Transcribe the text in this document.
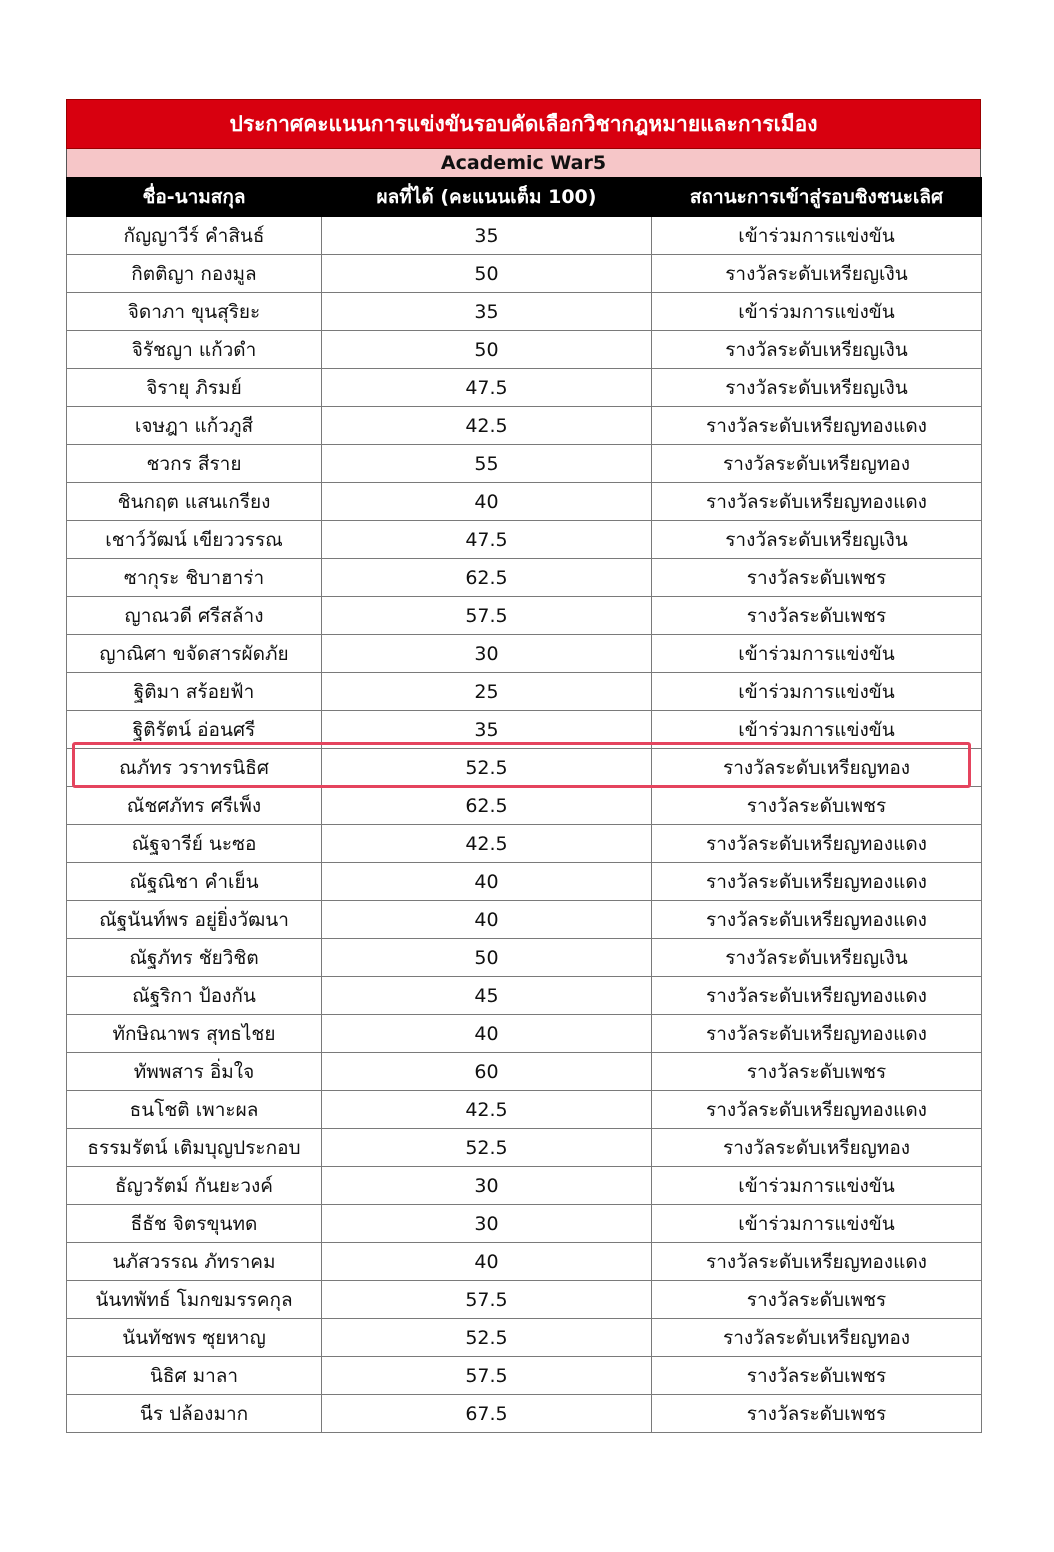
ประกาศคะแนนการแข่งขันรอบคัดเลือกวิชากฎหมายและการเมือง
Academic War5
ชื่อ-นามสกุล	ผลที่ได้ (คะแนนเต็ม 100)	สถานะการเข้าสู่รอบชิงชนะเลิศ
กัญญาวีร์ คำสินธ์	35	เข้าร่วมการแข่งขัน
กิตติญา กองมูล	50	รางวัลระดับเหรียญเงิน
จิดาภา ขุนสุริยะ	35	เข้าร่วมการแข่งขัน
จิรัชญา แก้วดำ	50	รางวัลระดับเหรียญเงิน
จิรายุ ภิรมย์	47.5	รางวัลระดับเหรียญเงิน
เจษฎา แก้วภูสี	42.5	รางวัลระดับเหรียญทองแดง
ชวกร สีราย	55	รางวัลระดับเหรียญทอง
ชินกฤต แสนเกรียง	40	รางวัลระดับเหรียญทองแดง
เชาว์วัฒน์ เขียววรรณ	47.5	รางวัลระดับเหรียญเงิน
ซากุระ ชิบาฮาร่า	62.5	รางวัลระดับเพชร
ญาณวดี ศรีสล้าง	57.5	รางวัลระดับเพชร
ญาณิศา ขจัดสารผัดภัย	30	เข้าร่วมการแข่งขัน
ฐิติมา สร้อยฟ้า	25	เข้าร่วมการแข่งขัน
ฐิติรัตน์ อ่อนศรี	35	เข้าร่วมการแข่งขัน
ณภัทร วราทรนิธิศ	52.5	รางวัลระดับเหรียญทอง
ณัชศภัทร ศรีเพ็ง	62.5	รางวัลระดับเพชร
ณัฐจารีย์ นะซอ	42.5	รางวัลระดับเหรียญทองแดง
ณัฐณิชา คำเย็น	40	รางวัลระดับเหรียญทองแดง
ณัฐนันท์พร อยู่ยิ่งวัฒนา	40	รางวัลระดับเหรียญทองแดง
ณัฐภัทร ชัยวิชิต	50	รางวัลระดับเหรียญเงิน
ณัฐริกา ป้องกัน	45	รางวัลระดับเหรียญทองแดง
ทักษิณาพร สุทธไชย	40	รางวัลระดับเหรียญทองแดง
ทัพพสาร อิ่มใจ	60	รางวัลระดับเพชร
ธนโชติ เพาะผล	42.5	รางวัลระดับเหรียญทองแดง
ธรรมรัตน์ เติมบุญประกอบ	52.5	รางวัลระดับเหรียญทอง
ธัญวรัตม์ กันยะวงค์	30	เข้าร่วมการแข่งขัน
ธีธัช จิตรขุนทด	30	เข้าร่วมการแข่งขัน
นภัสวรรณ ภัทราคม	40	รางวัลระดับเหรียญทองแดง
นันทพัทธ์ โมกขมรรคกุล	57.5	รางวัลระดับเพชร
นันทัชพร ซุยหาญ	52.5	รางวัลระดับเหรียญทอง
นิธิศ มาลา	57.5	รางวัลระดับเพชร
นีร ปล้องมาก	67.5	รางวัลระดับเพชร
